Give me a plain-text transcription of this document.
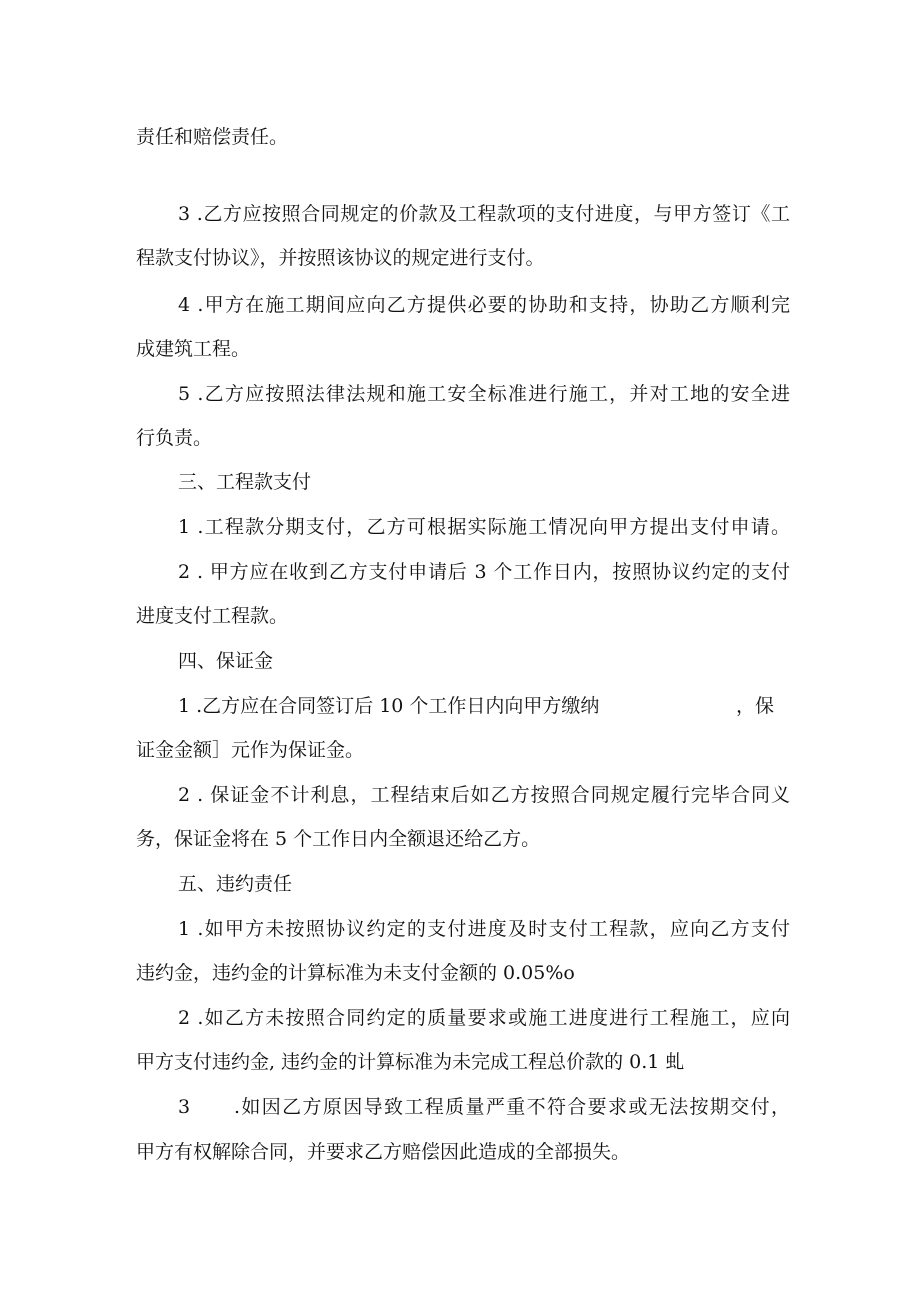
责任和赔偿责任。
3 .乙方应按照合同规定的价款及工程款项的支付进度，与甲方签订《工
程款支付协议》，并按照该协议的规定进行支付。
4 .甲方在施工期间应向乙方提供必要的协助和支持，协助乙方顺利完
成建筑工程。
5 .乙方应按照法律法规和施工安全标准进行施工，并对工地的安全进
行负责。
三、工程款支付
1 .工程款分期支付，乙方可根据实际施工情况向甲方提出支付申请。
2 . 甲方应在收到乙方支付申请后 3 个工作日内，按照协议约定的支付
进度支付工程款。
四、保证金
1 .乙方应在合同签订后 10 个工作日内向甲方缴纳	，保
证金金额］元作为保证金。
2 . 保证金不计利息，工程结束后如乙方按照合同规定履行完毕合同义
务，保证金将在 5 个工作日内全额退还给乙方。
五、违约责任
1 .如甲方未按照协议约定的支付进度及时支付工程款，应向乙方支付
违约金，违约金的计算标准为未支付金额的 0.05%o
2 .如乙方未按照合同约定的质量要求或施工进度进行工程施工，应向
甲方支付违约金, 违约金的计算标准为未完成工程总价款的 0.1 虬
3 .如因乙方原因导致工程质量严重不符合要求或无法按期交付，
甲方有权解除合同，并要求乙方赔偿因此造成的全部损失。
